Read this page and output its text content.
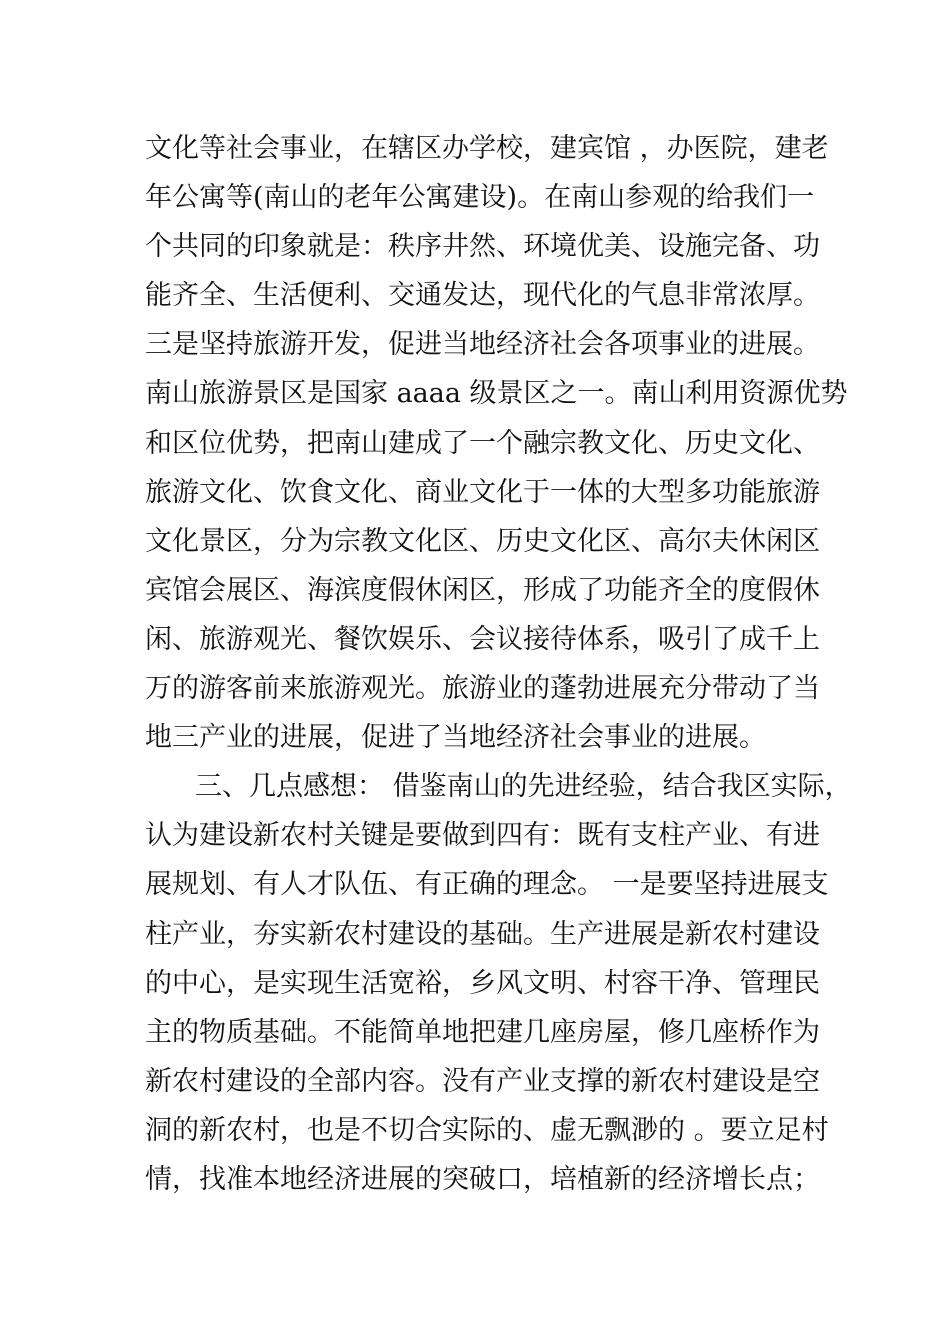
文化等社会事业，在辖区办学校，建宾馆 ，办医院，建老
年公寓等(南山的老年公寓建设)。在南山参观的给我们一
个共同的印象就是：秩序井然、环境优美、设施完备、功
能齐全、生活便利、交通发达，现代化的气息非常浓厚。
三是坚持旅游开发，促进当地经济社会各项事业的进展。
南山旅游景区是国家 aaaa 级景区之一。南山利用资源优势
和区位优势，把南山建成了一个融宗教文化、历史文化、
旅游文化、饮食文化、商业文化于一体的大型多功能旅游
文化景区，分为宗教文化区、历史文化区、高尔夫休闲区
宾馆会展区、海滨度假休闲区，形成了功能齐全的度假休
闲、旅游观光、餐饮娱乐、会议接待体系，吸引了成千上
万的游客前来旅游观光。旅游业的蓬勃进展充分带动了当
地三产业的进展，促进了当地经济社会事业的进展。
三、几点感想： 借鉴南山的先进经验，结合我区实际，
认为建设新农村关键是要做到四有：既有支柱产业、有进
展规划、有人才队伍、有正确的理念。 一是要坚持进展支
柱产业，夯实新农村建设的基础。生产进展是新农村建设
的中心，是实现生活宽裕，乡风文明、村容干净、管理民
主的物质基础。不能简单地把建几座房屋，修几座桥作为
新农村建设的全部内容。没有产业支撑的新农村建设是空
洞的新农村，也是不切合实际的、虚无飘渺的 。要立足村
情，找准本地经济进展的突破口，培植新的经济增长点；
